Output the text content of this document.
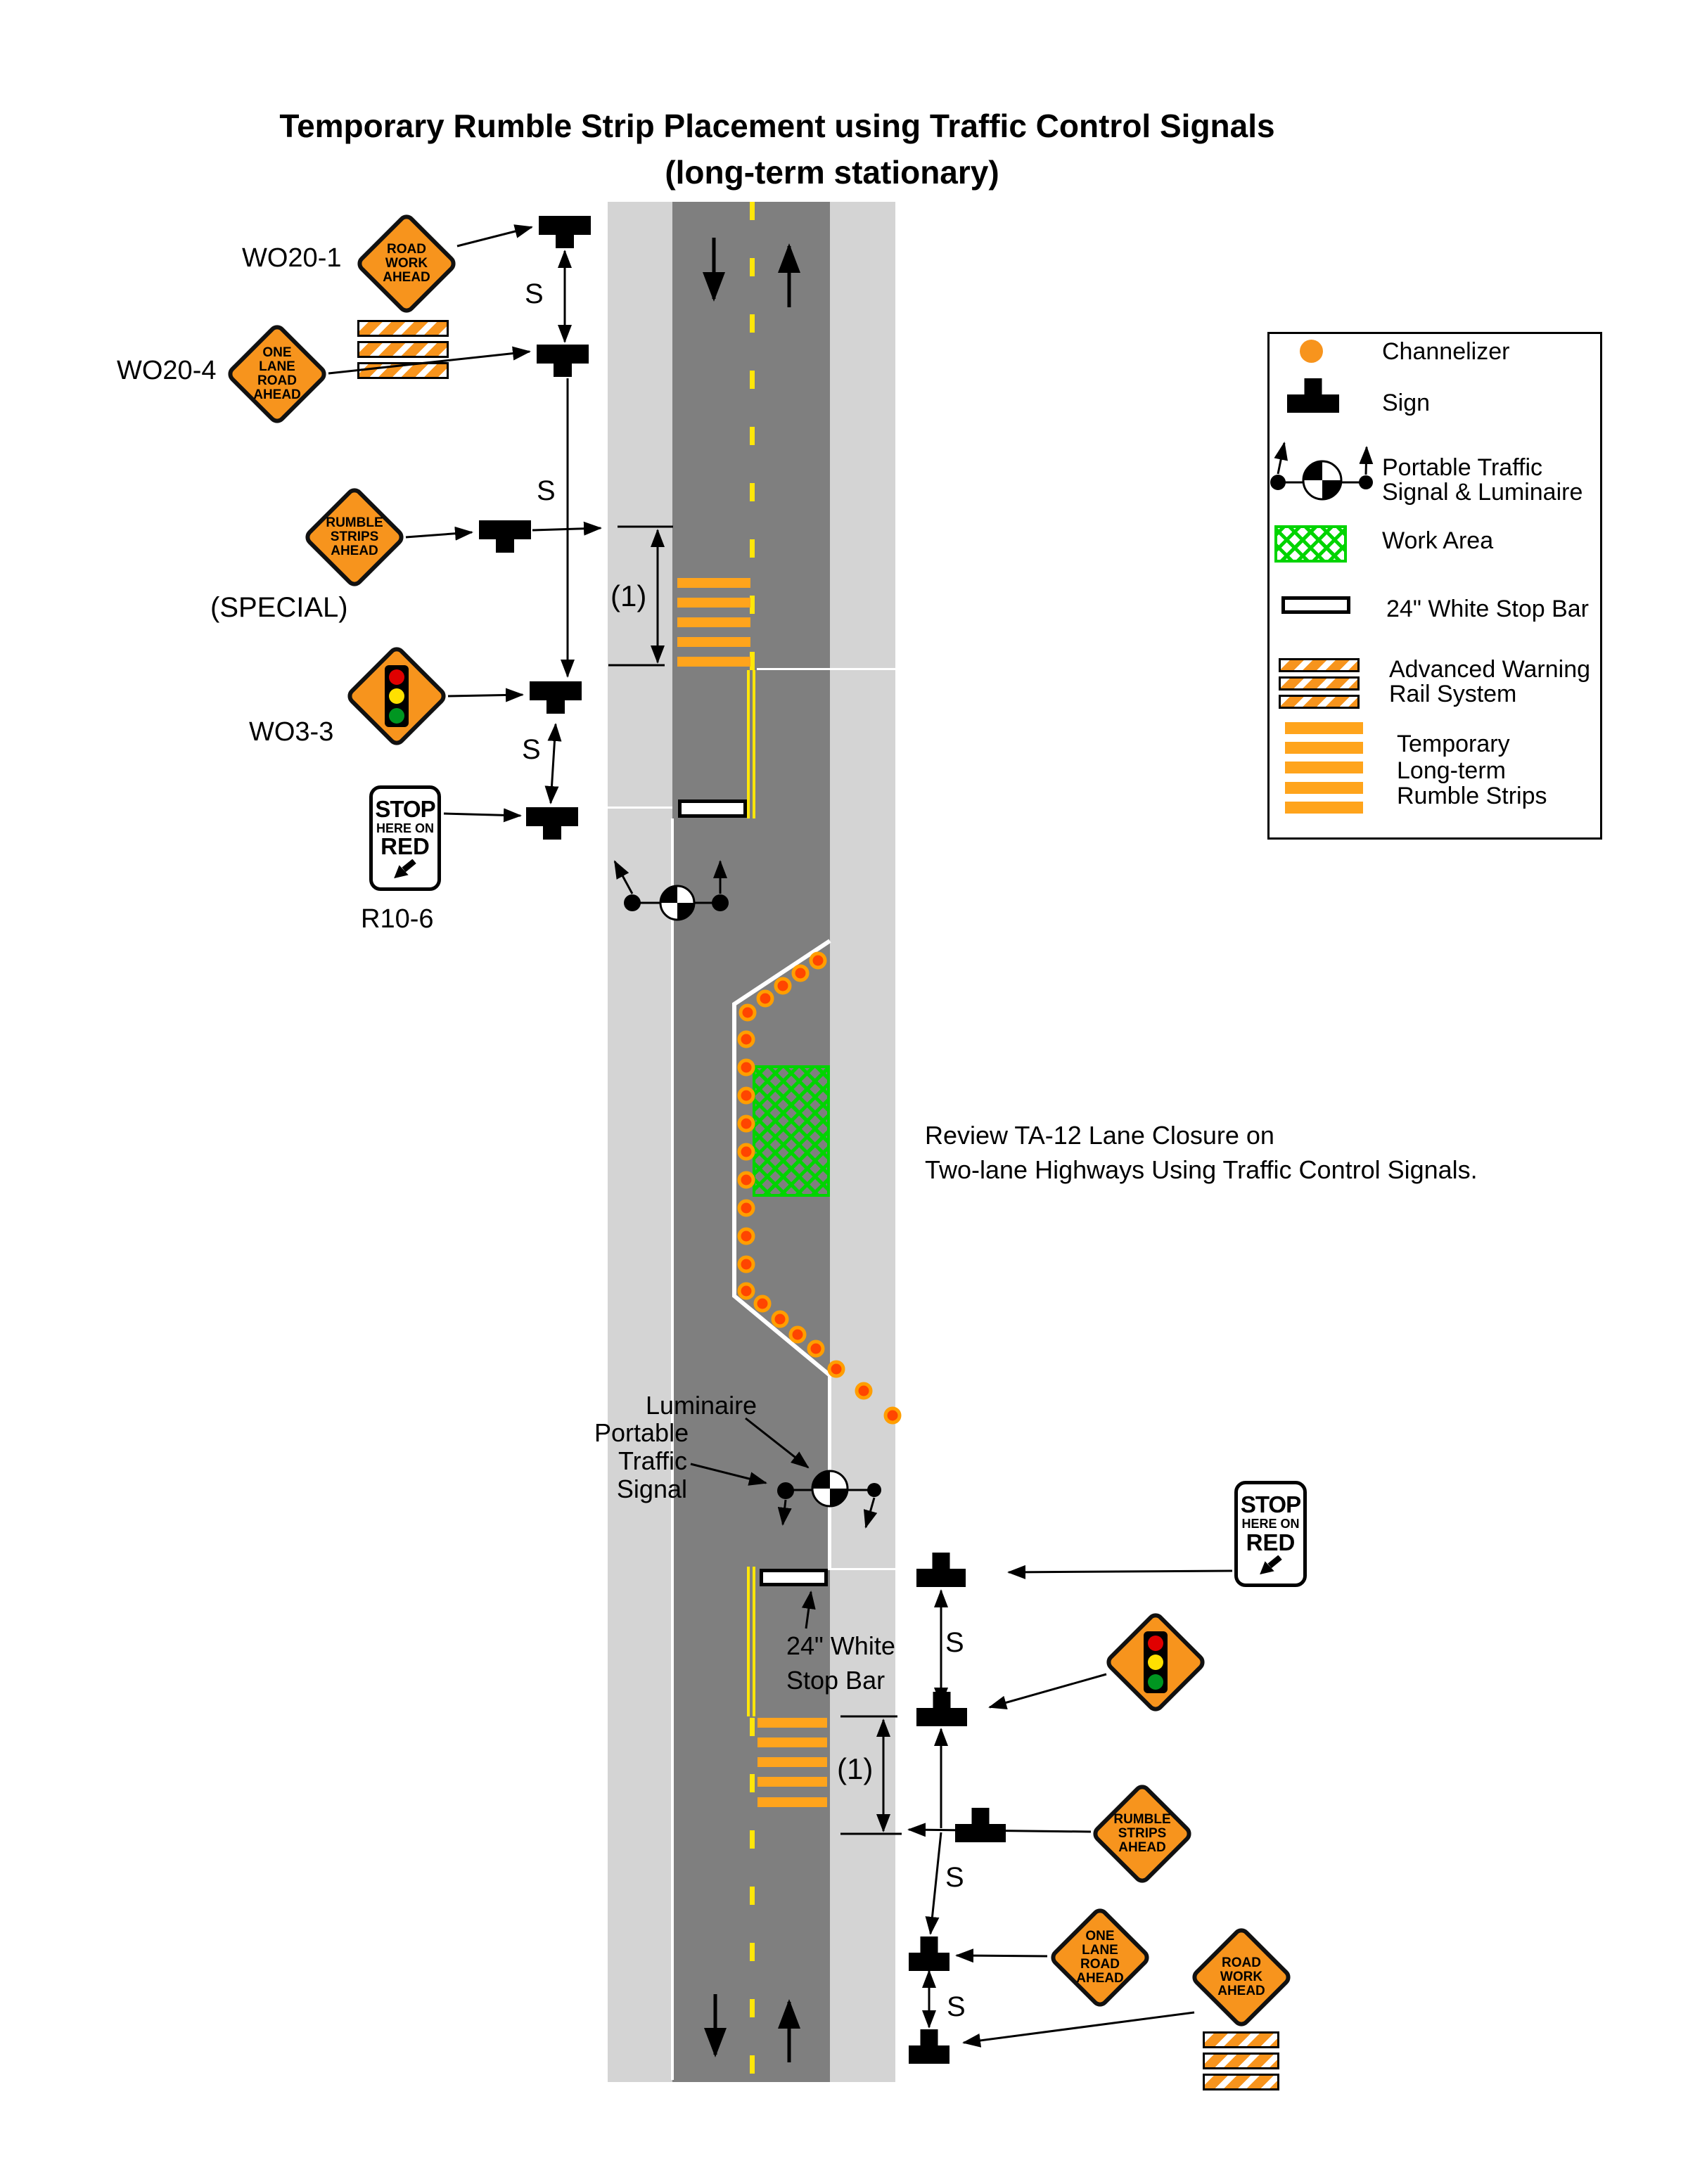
Temporary Rumble Strip Placement using Traffic Control Signals
(long-term stationary)
WO20-1	ROAD
WORK
AHEAD
WO20-4
ONE LANE
ROAD
AHEAD
RUMBLE
STRIPS
AHEAD
(SPECIAL)
WO3-3
STOP
HERE ON
RED
R10-6
S
S
S
(1)
(1)
Luminaire
Portable
Traffic
Signal
24" White
Stop Bar
Review TA-12 Lane Closure on
Two-lane Highways Using Traffic Control Signals.
STOP
HERE ON
RED
RUMBLE
STRIPS
AHEAD
ONE LANE
ROAD
AHEAD
ROAD
WORK
AHEAD
S
S
S
Channelizer
Sign
Portable Traffic
Signal & Luminaire
Work Area
24" White Stop Bar
Advanced Warning
Rail System
Temporary
Long-term
Rumble Strips
